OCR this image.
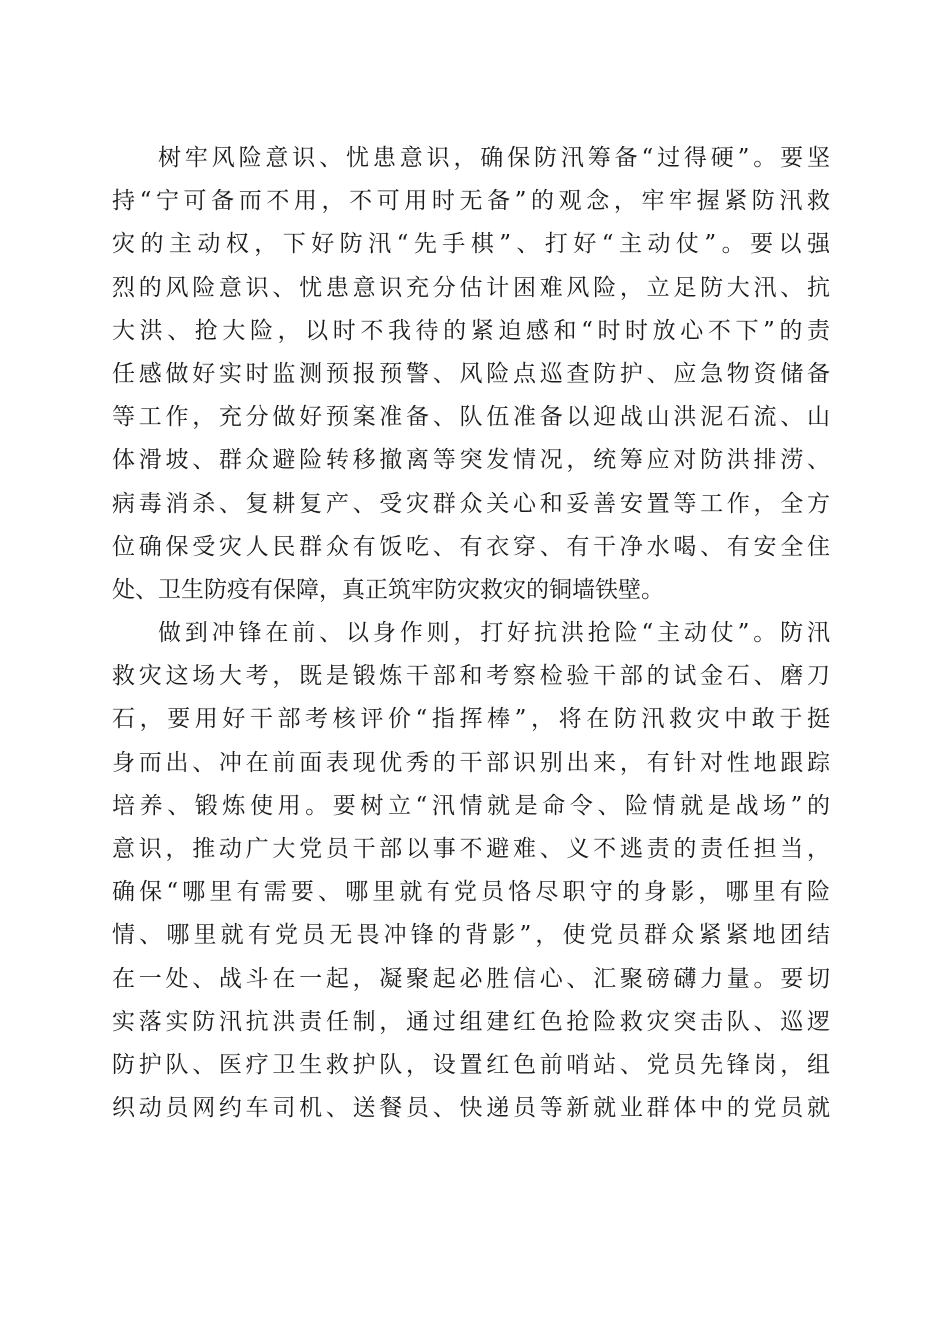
树牢风险意识、忧患意识，确保防汛筹备“过得硬”。要坚
持“宁可备而不用，不可用时无备”的观念，牢牢握紧防汛救
灾的主动权，下好防汛“先手棋”、打好“主动仗”。要以强
烈的风险意识、忧患意识充分估计困难风险，立足防大汛、抗
大洪、抢大险，以时不我待的紧迫感和“时时放心不下”的责
任感做好实时监测预报预警、风险点巡查防护、应急物资储备
等工作，充分做好预案准备、队伍准备以迎战山洪泥石流、山
体滑坡、群众避险转移撤离等突发情况，统筹应对防洪排涝、
病毒消杀、复耕复产、受灾群众关心和妥善安置等工作，全方
位确保受灾人民群众有饭吃、有衣穿、有干净水喝、有安全住
处、卫生防疫有保障，真正筑牢防灾救灾的铜墙铁壁。
做到冲锋在前、以身作则，打好抗洪抢险“主动仗”。防汛
救灾这场大考，既是锻炼干部和考察检验干部的试金石、磨刀
石，要用好干部考核评价“指挥棒”，将在防汛救灾中敢于挺
身而出、冲在前面表现优秀的干部识别出来，有针对性地跟踪
培养、锻炼使用。要树立“汛情就是命令、险情就是战场”的
意识，推动广大党员干部以事不避难、义不逃责的责任担当，
确保“哪里有需要、哪里就有党员恪尽职守的身影，哪里有险
情、哪里就有党员无畏冲锋的背影”，使党员群众紧紧地团结
在一处、战斗在一起，凝聚起必胜信心、汇聚磅礴力量。要切
实落实防汛抗洪责任制，通过组建红色抢险救灾突击队、巡逻
防护队、医疗卫生救护队，设置红色前哨站、党员先锋岗，组
织动员网约车司机、送餐员、快递员等新就业群体中的党员就
